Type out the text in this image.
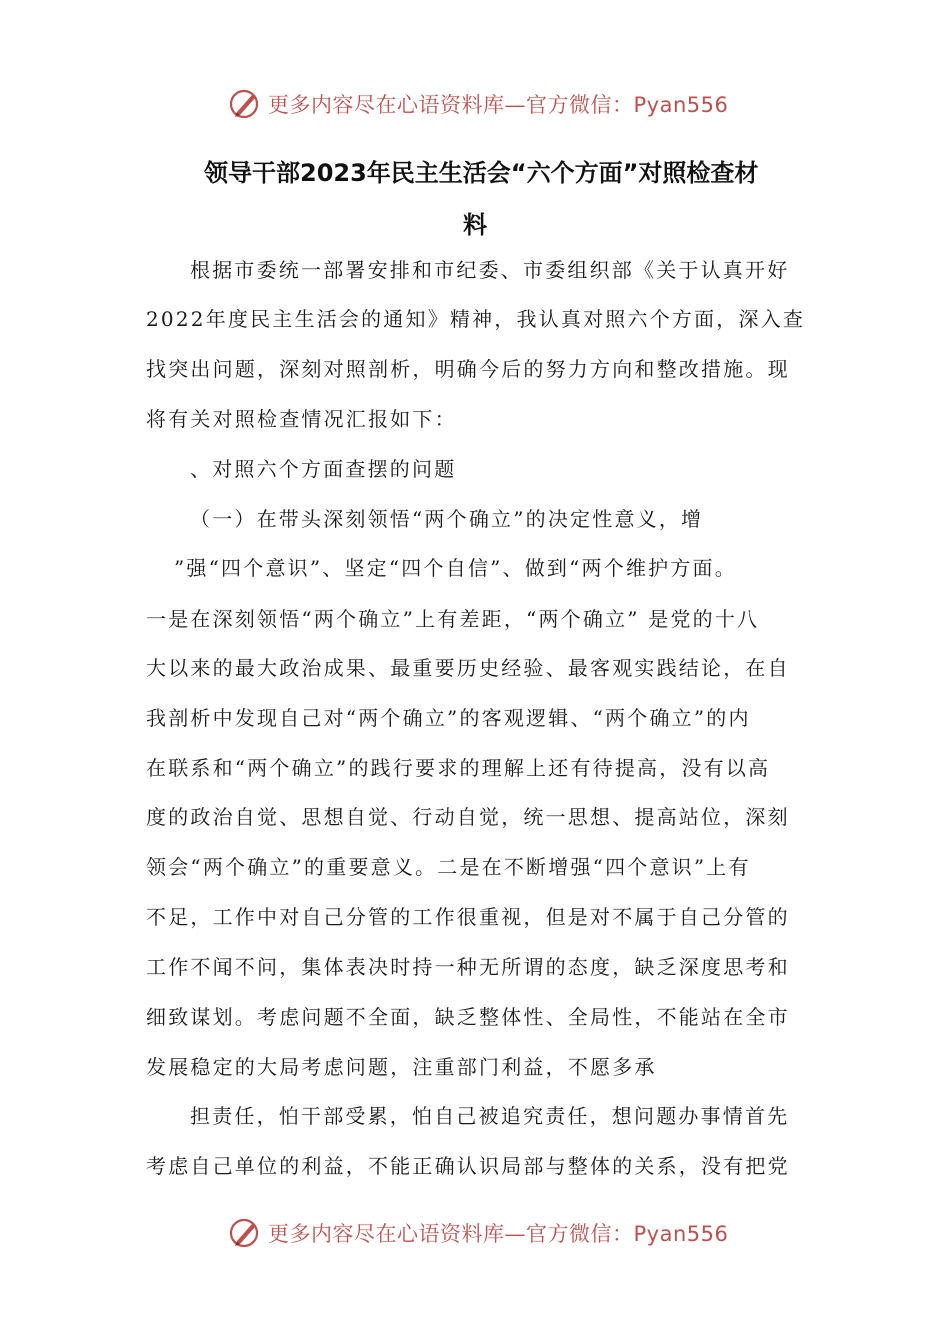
更多内容尽在心语资料库—官方微信：Pyan556
领导干部2023年民主生活会“六个方面”对照检查材
料
根据市委统一部署安排和市纪委、市委组织部《关于认真开好
2022年度民主生活会的通知》精神，我认真对照六个方面，深入查
找突出问题，深刻对照剖析，明确今后的努力方向和整改措施。现
将有关对照检查情况汇报如下：
、对照六个方面查摆的问题
（一）在带头深刻领悟“两个确立”的决定性意义，增
”强“四个意识”、坚定“四个自信”、做到“两个维护方面。
一是在深刻领悟“两个确立”上有差距，“两个确立” 是党的十八
大以来的最大政治成果、最重要历史经验、最客观实践结论，在自
我剖析中发现自己对“两个确立”的客观逻辑、“两个确立”的内
在联系和“两个确立”的践行要求的理解上还有待提高，没有以高
度的政治自觉、思想自觉、行动自觉，统一思想、提高站位，深刻
领会“两个确立”的重要意义。二是在不断增强“四个意识”上有
不足，工作中对自己分管的工作很重视，但是对不属于自己分管的
工作不闻不问，集体表决时持一种无所谓的态度，缺乏深度思考和
细致谋划。考虑问题不全面，缺乏整体性、全局性，不能站在全市
发展稳定的大局考虑问题，注重部门利益，不愿多承
担责任，怕干部受累，怕自己被追究责任，想问题办事情首先
考虑自己单位的利益，不能正确认识局部与整体的关系，没有把党
更多内容尽在心语资料库—官方微信：Pyan556
